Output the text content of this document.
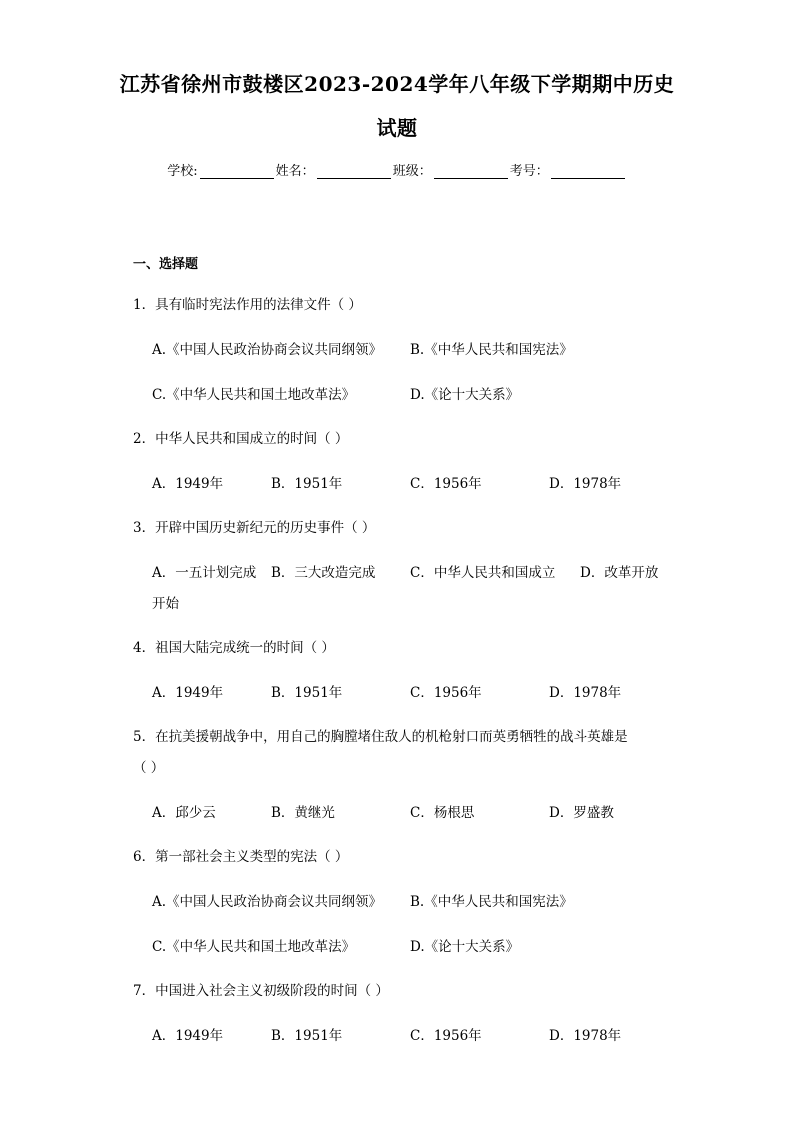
江苏省徐州市鼓楼区2023-2024学年八年级下学期期中历史
试题
学校:	姓名：	班级：	考号：
一、选择题
1．具有临时宪法作用的法律文件（ ）
A.《中国人民政治协商会议共同纲领》 B.《中华人民共和国宪法》
C.《中华人民共和国土地改革法》	D.《论十大关系》
2．中华人民共和国成立的时间（ ）
A．1949年	B．1951年	C．1956年	D．1978年
3．开辟中国历史新纪元的历史事件（ ）
A．一五计划完成 B．三大改造完成	C．中华人民共和国成立 D．改革开放
开始
4．祖国大陆完成统一的时间（ ）
A．1949年	B．1951年	C．1956年	D．1978年
5．在抗美援朝战争中，用自己的胸膛堵住敌人的机枪射口而英勇牺牲的战斗英雄是
（ ）
A．邱少云	B．黄继光	C．杨根思	D．罗盛教
6．第一部社会主义类型的宪法（ ）
A.《中国人民政治协商会议共同纲领》 B.《中华人民共和国宪法》
C.《中华人民共和国土地改革法》	D.《论十大关系》
7．中国进入社会主义初级阶段的时间（ ）
A．1949年	B．1951年	C．1956年	D．1978年
